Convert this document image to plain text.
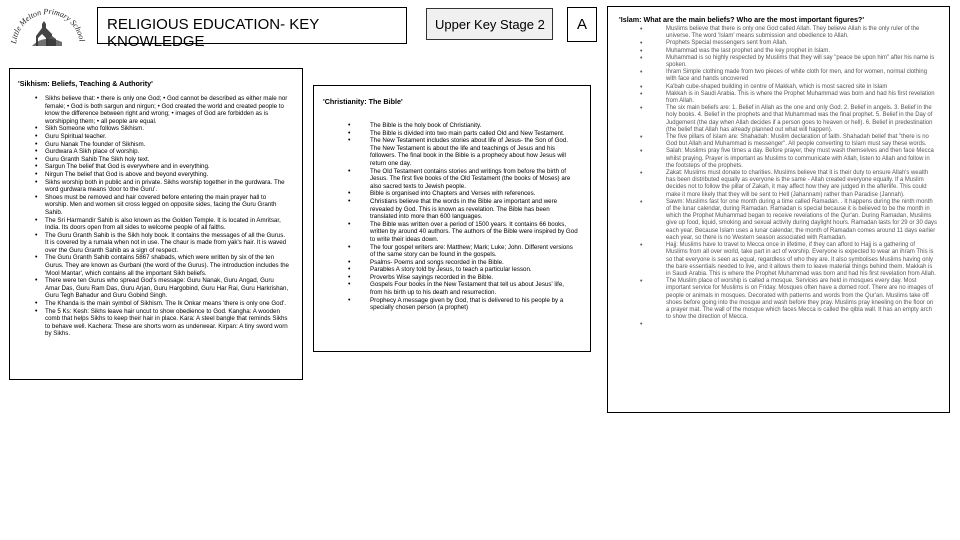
Little Melton Primary School
RELIGIOUS EDUCATION- KEY KNOWLEDGE
Upper Key Stage 2	A
'Sikhism: Beliefs, Teaching & Authority'
• Sikhs believe that: • there is only one God; • God cannot be described as either male nor female; • God is both sargun and nirgun; • God created the world and created people to know the difference between right and wrong; • images of God are forbidden as is worshipping them; • all people are equal.
• Sikh Someone who follows Sikhism.
• Guru Spiritual teacher.
• Guru Nanak The founder of Sikhism.
• Gurdwara A Sikh place of worship.
• Guru Granth Sahib The Sikh holy text.
• Sargun The belief that God is everywhere and in everything.
• Nirgun The belief that God is above and beyond everything.
• Sikhs worship both in public and in private. Sikhs worship together in the gurdwara. The word gurdwara means 'door to the Guru'.
• Shoes must be removed and hair covered before entering the main prayer hall to worship. Men and women sit cross legged on opposite sides, facing the Guru Granth Sahib.
• The Sri Harmandir Sahib is also known as the Golden Temple. It is located in Amritsar, India. Its doors open from all sides to welcome people of all faiths.
• The Guru Granth Sahib is the Sikh holy book. It contains the messages of all the Gurus. It is covered by a rumala when not in use. The chaur is made from yak's hair. It is waved over the Guru Granth Sahib as a sign of respect.
• The Guru Granth Sahib contains 5867 shabads, which were written by six of the ten Gurus. They are known as Gurbani (the word of the Gurus). The introduction includes the 'Mool Mantar', which contains all the important Sikh beliefs.
• There were ten Gurus who spread God's message: Guru Nanak, Guru Angad, Guru Amar Das, Guru Ram Das, Guru Arjan, Guru Hargobind, Guru Har Rai, Guru Harkrishan, Guru Tegh Bahadur and Guru Gobind Singh.
• The Khanda is the main symbol of Sikhism. The Ik Onkar means 'there is only one God'.
• The 5 Ks: Kesh: Sikhs leave hair uncut to show obedience to God. Kangha: A wooden comb that helps Sikhs to keep their hair in place. Kara: A steel bangle that reminds Sikhs to behave well. Kachera: These are shorts worn as underwear. Kirpan: A tiny sword worn by Sikhs.
'Christianity: The Bible'
• The Bible is the holy book of Christianity.
• The Bible is divided into two main parts called Old and New Testament.
• The New Testament includes stories about life of Jesus- the Son of God. The New Testament is about the life and teachings of Jesus and his followers. The final book in the Bible is a prophecy about how Jesus will return one day.
• The Old Testament contains stories and writings from before the birth of Jesus. The first five books of the Old Testament (the books of Moses) are also sacred texts to Jewish people.
• Bible is organised into Chapters and Verses with references.
• Christians believe that the words in the Bible are important and were revealed by God. This is known as revelation. The Bible has been translated into more than 600 languages.
• The Bible was written over a period of 1500 years. It contains 66 books, written by around 40 authors. The authors of the Bible were inspired by God to write their ideas down.
• The four gospel writers are: Matthew; Mark; Luke; John. Different versions of the same story can be found in the gospels.
• Psalms- Poems and songs recorded in the Bible.
• Parables A story told by Jesus, to teach a particular lesson.
• Proverbs Wise sayings recorded in the Bible.
• Gospels Four books in the New Testament that tell us about Jesus' life, from his birth up to his death and resurrection.
• Prophecy A message given by God, that is delivered to his people by a specially chosen person (a prophet)
'Islam: What are the main beliefs? Who are the most important figures?'
• Muslims believe that there is only one God called Allah. They believe Allah is the only ruler of the universe. The word 'Islam' means submission and obedience to Allah.
• Prophets Special messengers sent from Allah.
• Muhammad was the last prophet and the key prophet in Islam.
• Muhammad is so highly respected by Muslims that they will say "peace be upon him" after his name is spoken.
• Ihram Simple clothing made from two pieces of white cloth for men, and for women, normal clothing with face and hands uncovered
• Ka'bah cube-shaped building in centre of Makkah, which is most sacred site in Islam
• Makkah is in Saudi Arabia. This is where the Prophet Muhammad was born and had his first revelation from Allah.
• The six main beliefs are: 1. Belief in Allah as the one and only God. 2. Belief in angels. 3. Belief in the holy books. 4. Belief in the prophets and that Muhammad was the final prophet. 5. Belief in the Day of Judgement (the day when Allah decides if a person goes to heaven or hell). 6. Belief in predestination (the belief that Allah has already planned out what will happen).
• The five pillars of Islam are: Shahadah: Muslim declaration of faith. Shahadah belief that "there is no God but Allah and Muhammad is messenger". All people converting to Islam must say these words.
• Salah: Muslims pray five times a day. Before prayer, they must wash themselves and then face Mecca whilst praying. Prayer is important as Muslims to communicate with Allah, listen to Allah and follow in the footsteps of the prophets.
• Zakat: Muslims must donate to charities. Muslims believe that it is their duty to ensure Allah's wealth has been distributed equally as everyone is the same - Allah created everyone equally. If a Muslim decides not to follow the pillar of Zakah, it may affect how they are judged in the afterlife. This could make it more likely that they will be sent to Hell (Jahannam) rather than Paradise (Jannah).
• Sawm: Muslims fast for one month during a time called Ramadan. . It happens during the ninth month of the lunar calendar, during Ramadan. Ramadan is special because it is believed to be the month in which the Prophet Muhammad began to receive revelations of the Qur'an. During Ramadan, Muslims give up food, liquid, smoking and sexual activity during daylight hours. Ramadan lasts for 29 or 30 days each year. Because Islam uses a lunar calendar, the month of Ramadan comes around 11 days earlier each year, so there is no Western season associated with Ramadan.
• Hajj: Muslims have to travel to Mecca once in lifetime, if they can afford to Hajj is a gathering of Muslims from all over world, take part in act of worship. Everyone is expected to wear an ihram This is so that everyone is seen as equal, regardless of who they are. It also symbolises Muslims having only the bare essentials needed to live, and it allows them to leave material things behind them. Makkah is in Saudi Arabia. This is where the Prophet Muhammad was born and had his first revelation from Allah.
• The Muslim place of worship is called a mosque. Services are held in mosques every day. Most important service for Muslims is on Friday. Mosques often have a domed roof. There are no images of people or animals in mosques. Decorated with patterns and words from the Qur'an. Muslims take off shoes before going into the mosque and wash before they pray. Muslims pray kneeling on the floor on a prayer mat. The wall of the mosque which faces Mecca is called the qibla wall. It has an empty arch to show the direction of Mecca.
